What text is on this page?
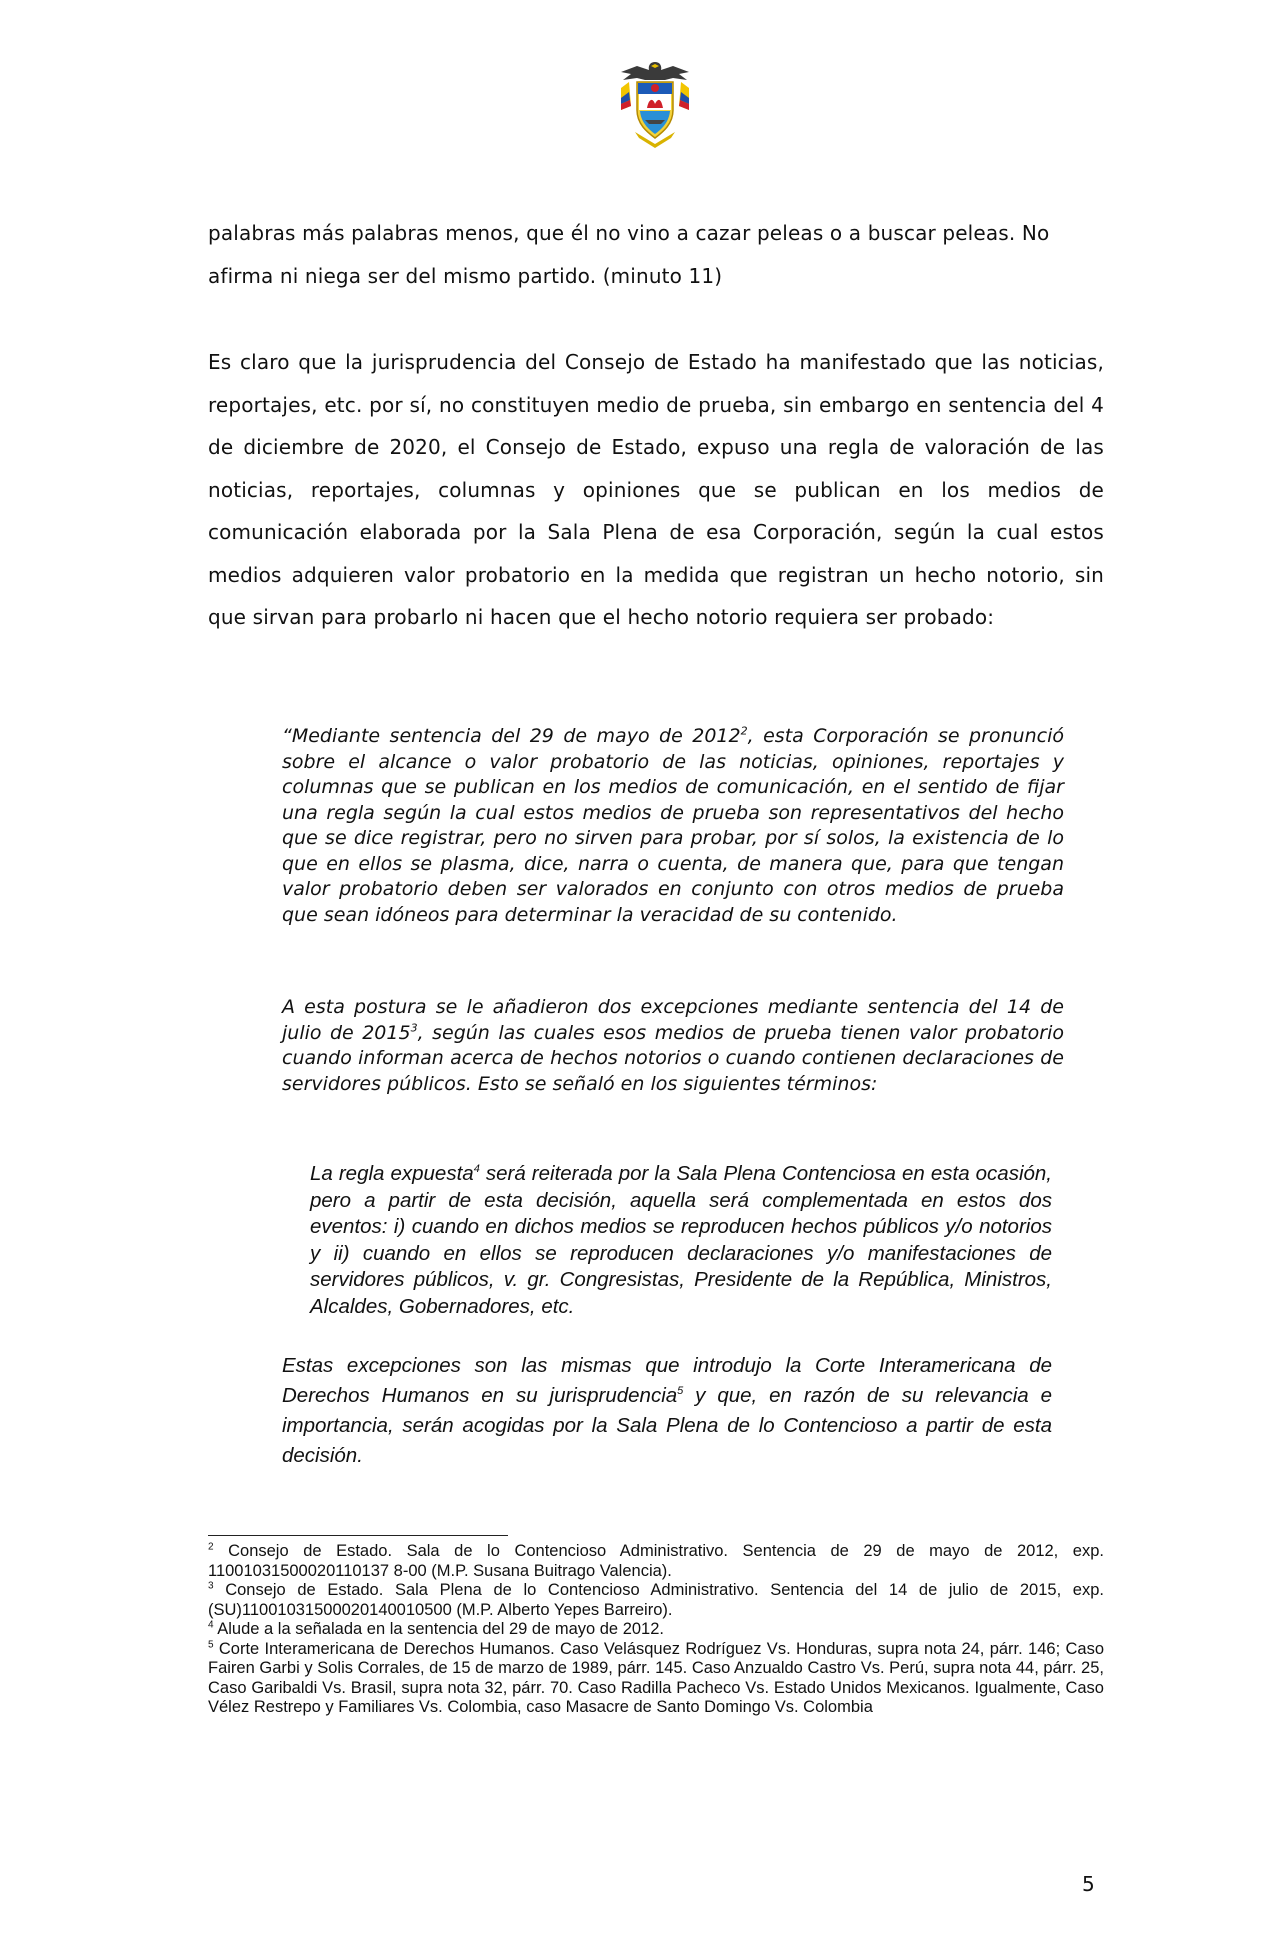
palabras más palabras menos, que él no vino a cazar peleas o a buscar peleas. No afirma ni niega ser del mismo partido. (minuto 11)

Es claro que la jurisprudencia del Consejo de Estado ha manifestado que las noticias, reportajes, etc. por sí, no constituyen medio de prueba, sin embargo en sentencia del 4 de diciembre de 2020, el Consejo de Estado, expuso una regla de valoración de las noticias, reportajes, columnas y opiniones que se publican en los medios de comunicación elaborada por la Sala Plena de esa Corporación, según la cual estos medios adquieren valor probatorio en la medida que registran un hecho notorio, sin que sirvan para probarlo ni hacen que el hecho notorio requiera ser probado:

“Mediante sentencia del 29 de mayo de 2012$^2$, esta Corporación se pronunció sobre el alcance o valor probatorio de las noticias, opiniones, reportajes y columnas que se publican en los medios de comunicación, en el sentido de fijar una regla según la cual estos medios de prueba son representativos del hecho que se dice registrar, pero no sirven para probar, por sí solos, la existencia de lo que en ellos se plasma, dice, narra o cuenta, de manera que, para que tengan valor probatorio deben ser valorados en conjunto con otros medios de prueba que sean idóneos para determinar la veracidad de su contenido.

A esta postura se le añadieron dos excepciones mediante sentencia del 14 de julio de 2015$^3$, según las cuales esos medios de prueba tienen valor probatorio cuando informan acerca de hechos notorios o cuando contienen declaraciones de servidores públicos. Esto se señaló en los siguientes términos:

La regla expuesta$^4$ será reiterada por la Sala Plena Contenciosa en esta ocasión, pero a partir de esta decisión, aquella será complementada en estos dos eventos: i) cuando en dichos medios se reproducen hechos públicos y/o notorios y ii) cuando en ellos se reproducen declaraciones y/o manifestaciones de servidores públicos, v. gr. Congresistas, Presidente de la República, Ministros, Alcaldes, Gobernadores, etc.

Estas excepciones son las mismas que introdujo la Corte Interamericana de Derechos Humanos en su jurisprudencia$^5$ y que, en razón de su relevancia e importancia, serán acogidas por la Sala Plena de lo Contencioso a partir de esta decisión.

$^2$ Consejo de Estado. Sala de lo Contencioso Administrativo. Sentencia de 29 de mayo de 2012, exp. 11001031500020110137 8-00 (M.P. Susana Buitrago Valencia).

$^3$ Consejo de Estado. Sala Plena de lo Contencioso Administrativo. Sentencia del 14 de julio de 2015, exp. (SU)11001031500020140010500 (M.P. Alberto Yepes Barreiro).

$^4$ Alude a la señalada en la sentencia del 29 de mayo de 2012.

$^5$ Corte Interamericana de Derechos Humanos. Caso Velásquez Rodríguez Vs. Honduras, supra nota 24, párr. 146; Caso Fairen Garbi y Solis Corrales, de 15 de marzo de 1989, párr. 145. Caso Anzualdo Castro Vs. Perú, supra nota 44, párr. 25, Caso Garibaldi Vs. Brasil, supra nota 32, párr. 70. Caso Radilla Pacheco Vs. Estado Unidos Mexicanos. Igualmente, Caso Vélez Restrepo y Familiares Vs. Colombia, caso Masacre de Santo Domingo Vs. Colombia

5
